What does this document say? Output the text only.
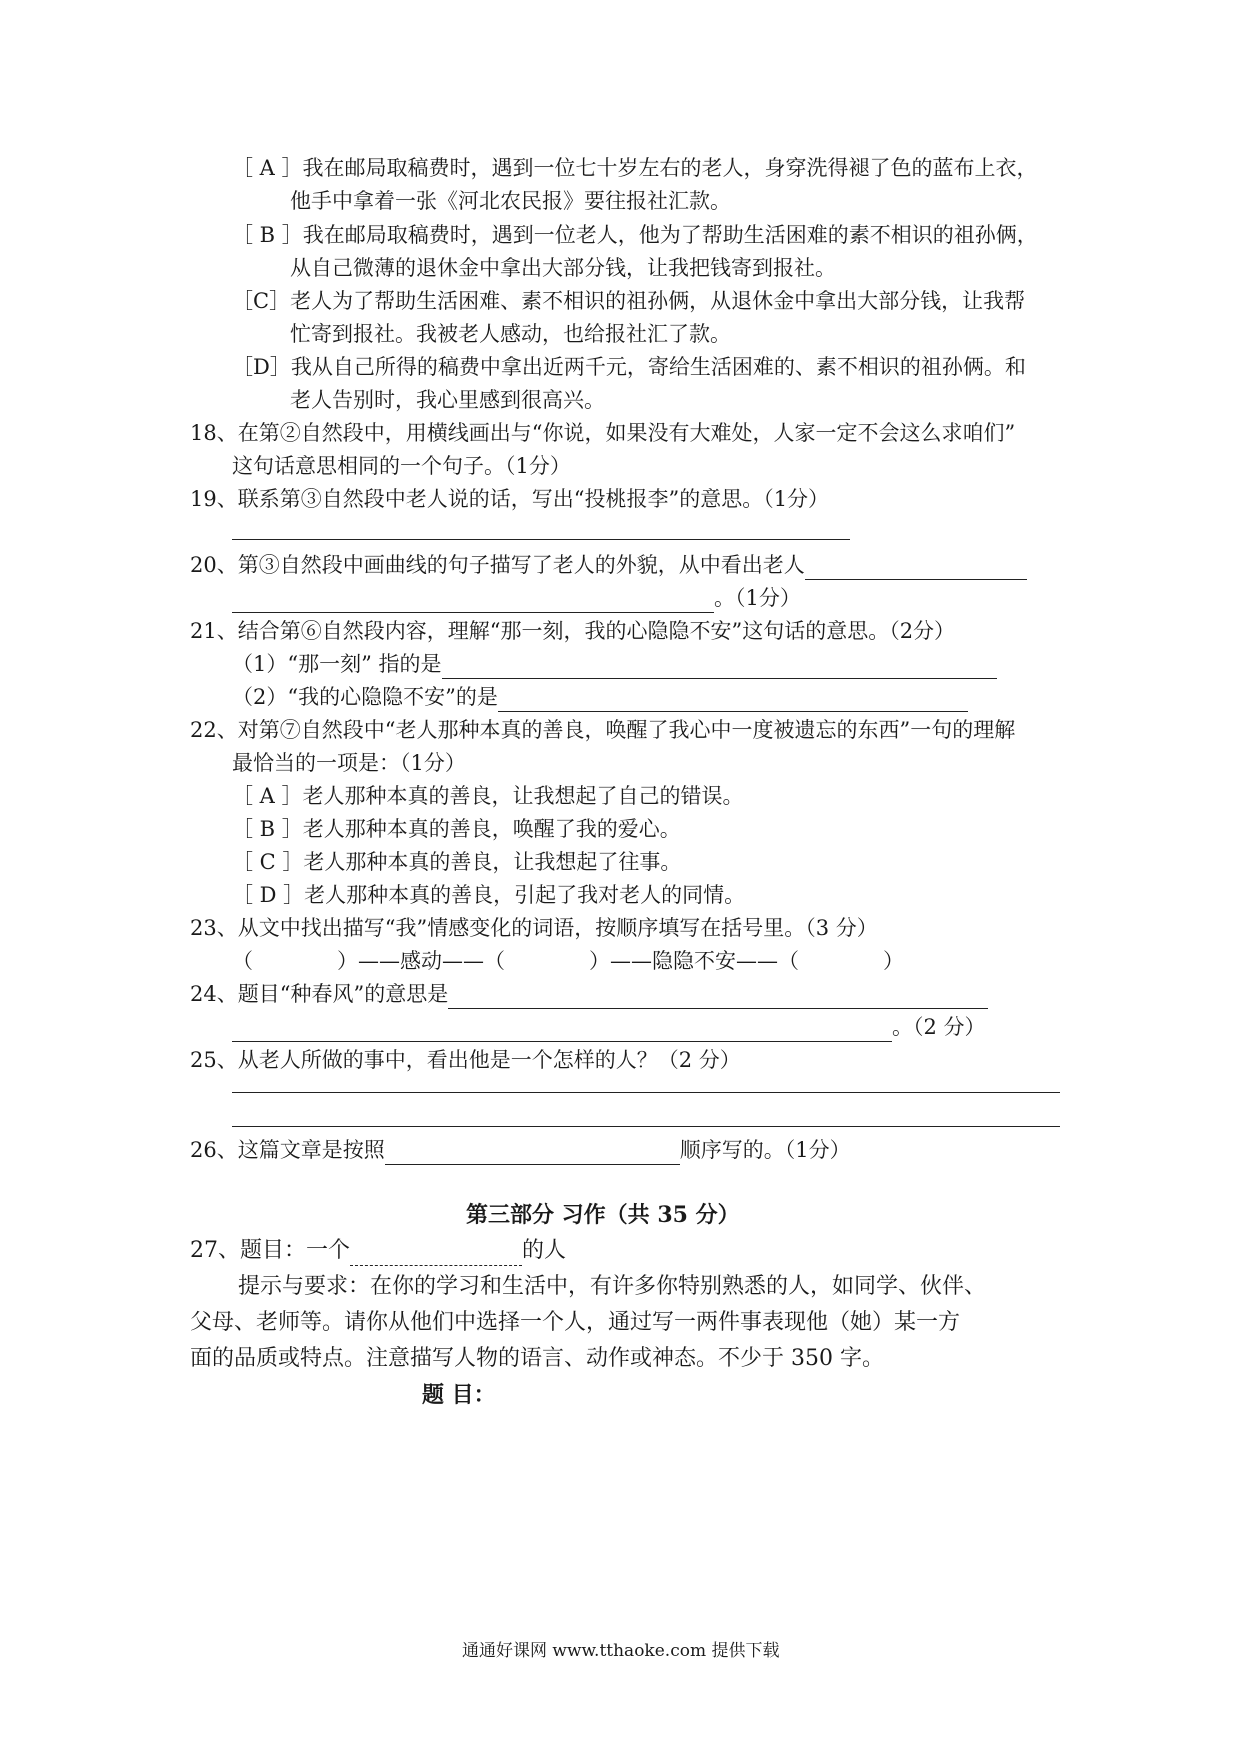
［ A ］我在邮局取稿费时，遇到一位七十岁左右的老人，身穿洗得褪了色的蓝布上衣，
他手中拿着一张《河北农民报》要往报社汇款。
［ B ］我在邮局取稿费时，遇到一位老人，他为了帮助生活困难的素不相识的祖孙俩，
从自己微薄的退休金中拿出大部分钱，让我把钱寄到报社。
［C］老人为了帮助生活困难、素不相识的祖孙俩，从退休金中拿出大部分钱，让我帮
忙寄到报社。我被老人感动，也给报社汇了款。
［D］我从自己所得的稿费中拿出近两千元，寄给生活困难的、素不相识的祖孙俩。和
老人告别时，我心里感到很高兴。
18、在第②自然段中，用横线画出与“你说，如果没有大难处，人家一定不会这么求咱们”
这句话意思相同的一个句子。（1分）
19、联系第③自然段中老人说的话，写出“投桃报李”的意思。（1分）
20、第③自然段中画曲线的句子描写了老人的外貌，从中看出老人
。（1分）
21、结合第⑥自然段内容，理解“那一刻，我的心隐隐不安”这句话的意思。（2分）
（1）“那一刻” 指的是
（2）“我的心隐隐不安”的是
22、对第⑦自然段中“老人那种本真的善良，唤醒了我心中一度被遗忘的东西”一句的理解
最恰当的一项是：（1分）
［ A ］老人那种本真的善良，让我想起了自己的错误。
［ B ］老人那种本真的善良，唤醒了我的爱心。
［ C ］老人那种本真的善良，让我想起了往事。
［ D ］老人那种本真的善良，引起了我对老人的同情。
23、从文中找出描写“我”情感变化的词语，按顺序填写在括号里。（3 分）
（　　　　）——感动——（　　　　）——隐隐不安——（　　　　）
24、题目“种春风”的意思是
。（2 分）
25、从老人所做的事中，看出他是一个怎样的人？（2 分）
26、这篇文章是按照	顺序写的。（1分）
第三部分 习作（共 35 分）
27、题目：一个	的人
提示与要求：在你的学习和生活中，有许多你特别熟悉的人，如同学、伙伴、
父母、老师等。请你从他们中选择一个人，通过写一两件事表现他（她）某一方
面的品质或特点。注意描写人物的语言、动作或神态。不少于 350 字。
题 目：
通通好课网 www.tthaoke.com 提供下载
